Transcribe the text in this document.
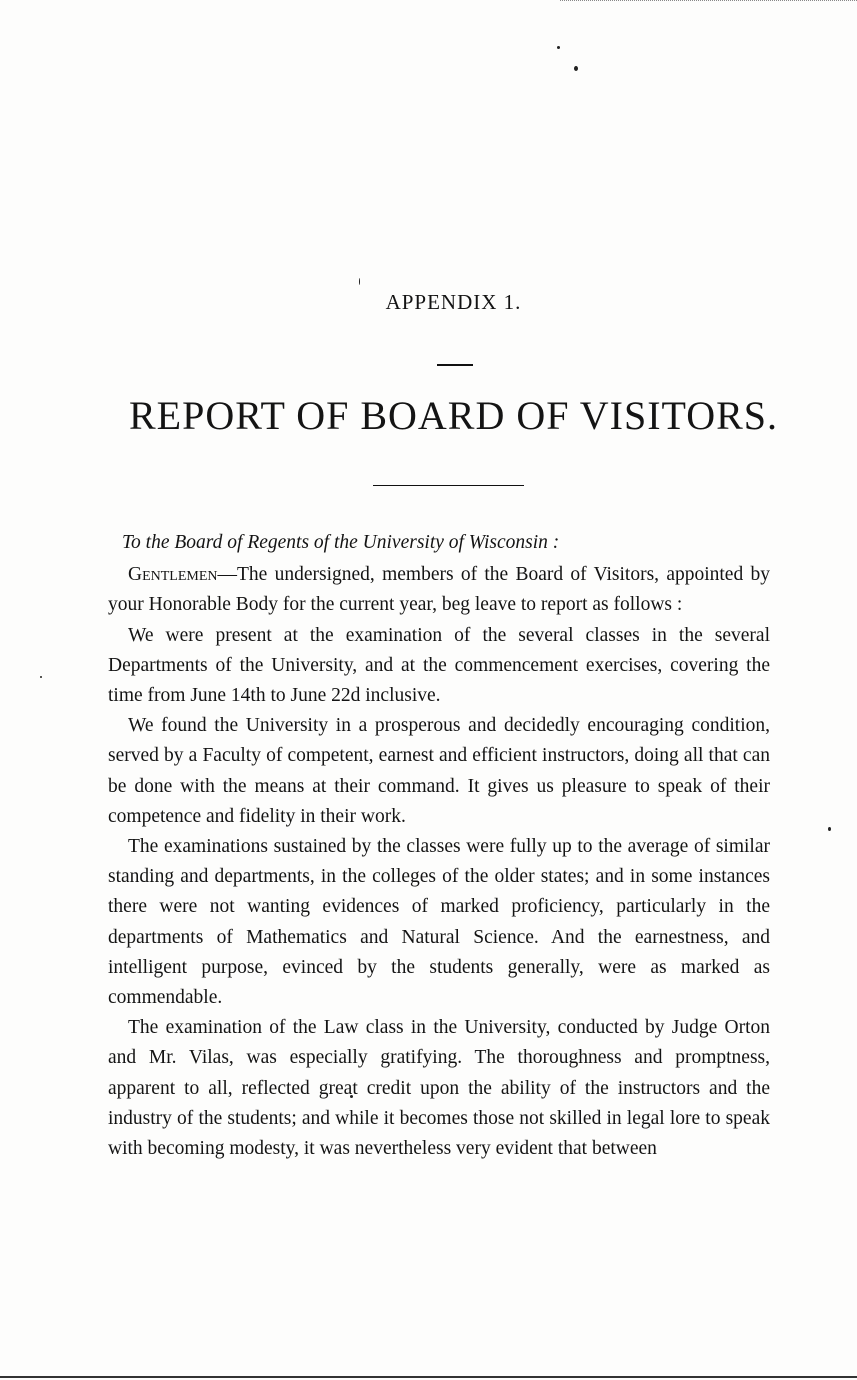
APPENDIX 1.
REPORT OF BOARD OF VISITORS.

To the Board of Regents of the University of Wisconsin :

Gentlemen—The undersigned, members of the Board of Visitors, appointed by your Honorable Body for the current year, beg leave to report as follows :

We were present at the examination of the several classes in the several Departments of the University, and at the commencement exercises, covering the time from June 14th to June 22d inclusive.

We found the University in a prosperous and decidedly encouraging condition, served by a Faculty of competent, earnest and efficient instructors, doing all that can be done with the means at their command. It gives us pleasure to speak of their competence and fidelity in their work.

The examinations sustained by the classes were fully up to the average of similar standing and departments, in the colleges of the older states; and in some instances there were not wanting evidences of marked proficiency, particularly in the departments of Mathematics and Natural Science. And the earnestness, and intelligent purpose, evinced by the students generally, were as marked as commendable.

The examination of the Law class in the University, conducted by Judge Orton and Mr. Vilas, was especially gratifying. The thoroughness and promptness, apparent to all, reflected great credit upon the ability of the instructors and the industry of the students; and while it becomes those not skilled in legal lore to speak with becoming modesty, it was nevertheless very evident that between
